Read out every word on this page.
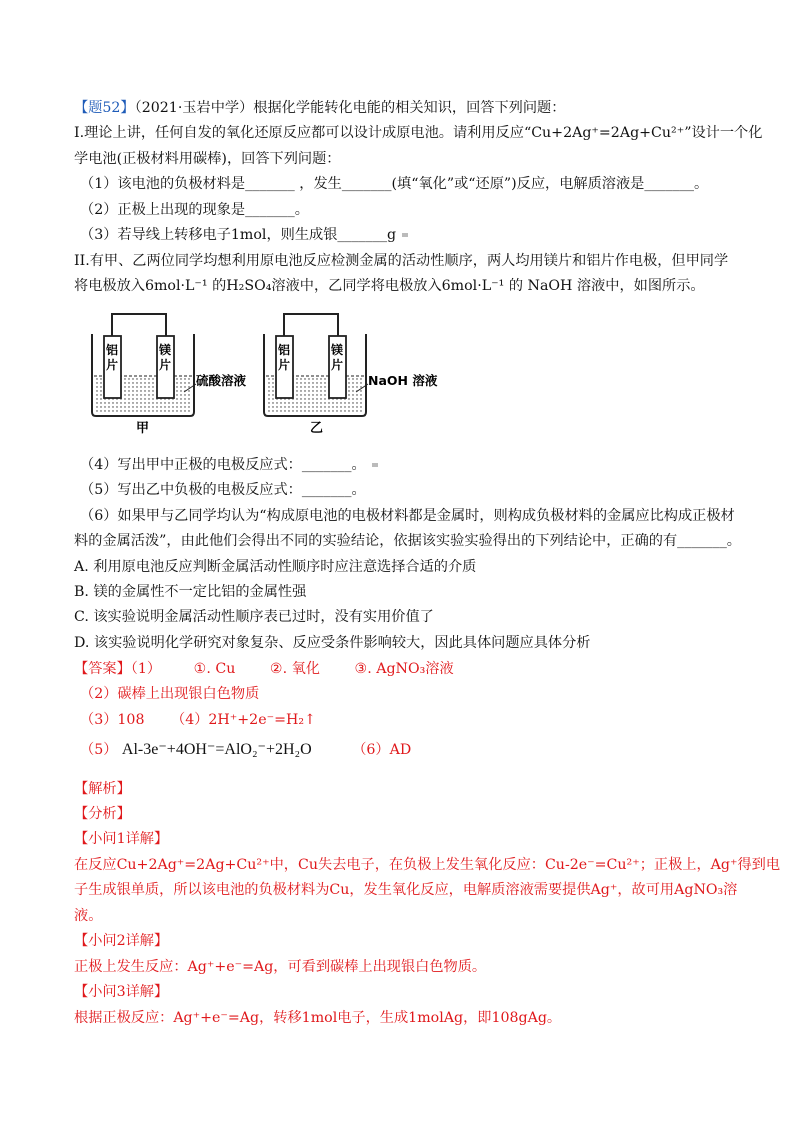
【题52】（2021·玉岩中学）根据化学能转化电能的相关知识，回答下列问题：
I.理论上讲，任何自发的氧化还原反应都可以设计成原电池。请利用反应“Cu+2Ag⁺=2Ag+Cu²⁺”设计一个化
学电池(正极材料用碳棒)，回答下列问题：
（1）该电池的负极材料是_______ ，发生_______(填“氧化”或“还原”)反应，电解质溶液是_______。
（2）正极上出现的现象是_______。
（3）若导线上转移电子1mol，则生成银_______g
II.有甲、乙两位同学均想利用原电池反应检测金属的活动性顺序，两人均用镁片和铝片作电极，但甲同学
将电极放入6mol·L⁻¹ 的H₂SO₄溶液中，乙同学将电极放入6mol·L⁻¹ 的 NaOH 溶液中，如图所示。
铝
片
镁
片
硫酸溶液
甲
铝
片
镁
片
NaOH 溶液
乙
（4）写出甲中正极的电极反应式：_______。
（5）写出乙中负极的电极反应式：_______。
（6）如果甲与乙同学均认为“构成原电池的电极材料都是金属时，则构成负极材料的金属应比构成正极材
料的金属活泼”，由此他们会得出不同的实验结论，依据该实验实验得出的下列结论中，正确的有_______。
A. 利用原电池反应判断金属活动性顺序时应注意选择合适的介质
B. 镁的金属性不一定比铝的金属性强
C. 该实验说明金属活动性顺序表已过时，没有实用价值了
D. 该实验说明化学研究对象复杂、反应受条件影响较大，因此具体问题应具体分析
【答案】（1） ①. Cu ②. 氧化 ③. AgNO₃溶液
（2）碳棒上出现银白色物质
（3）108 （4）2H⁺+2e⁻=H₂↑
（5） Al-3e⁻+4OH⁻=AlO₂⁻+2H₂O	（6）AD
【解析】
【分析】
【小问1详解】
在反应Cu+2Ag⁺=2Ag+Cu²⁺中，Cu失去电子，在负极上发生氧化反应：Cu-2e⁻=Cu²⁺；正极上，Ag⁺得到电
子生成银单质，所以该电池的负极材料为Cu，发生氧化反应，电解质溶液需要提供Ag⁺，故可用AgNO₃溶
液。
【小问2详解】
正极上发生反应：Ag⁺+e⁻=Ag，可看到碳棒上出现银白色物质。
【小问3详解】
根据正极反应：Ag⁺+e⁻=Ag，转移1mol电子，生成1molAg，即108gAg。
